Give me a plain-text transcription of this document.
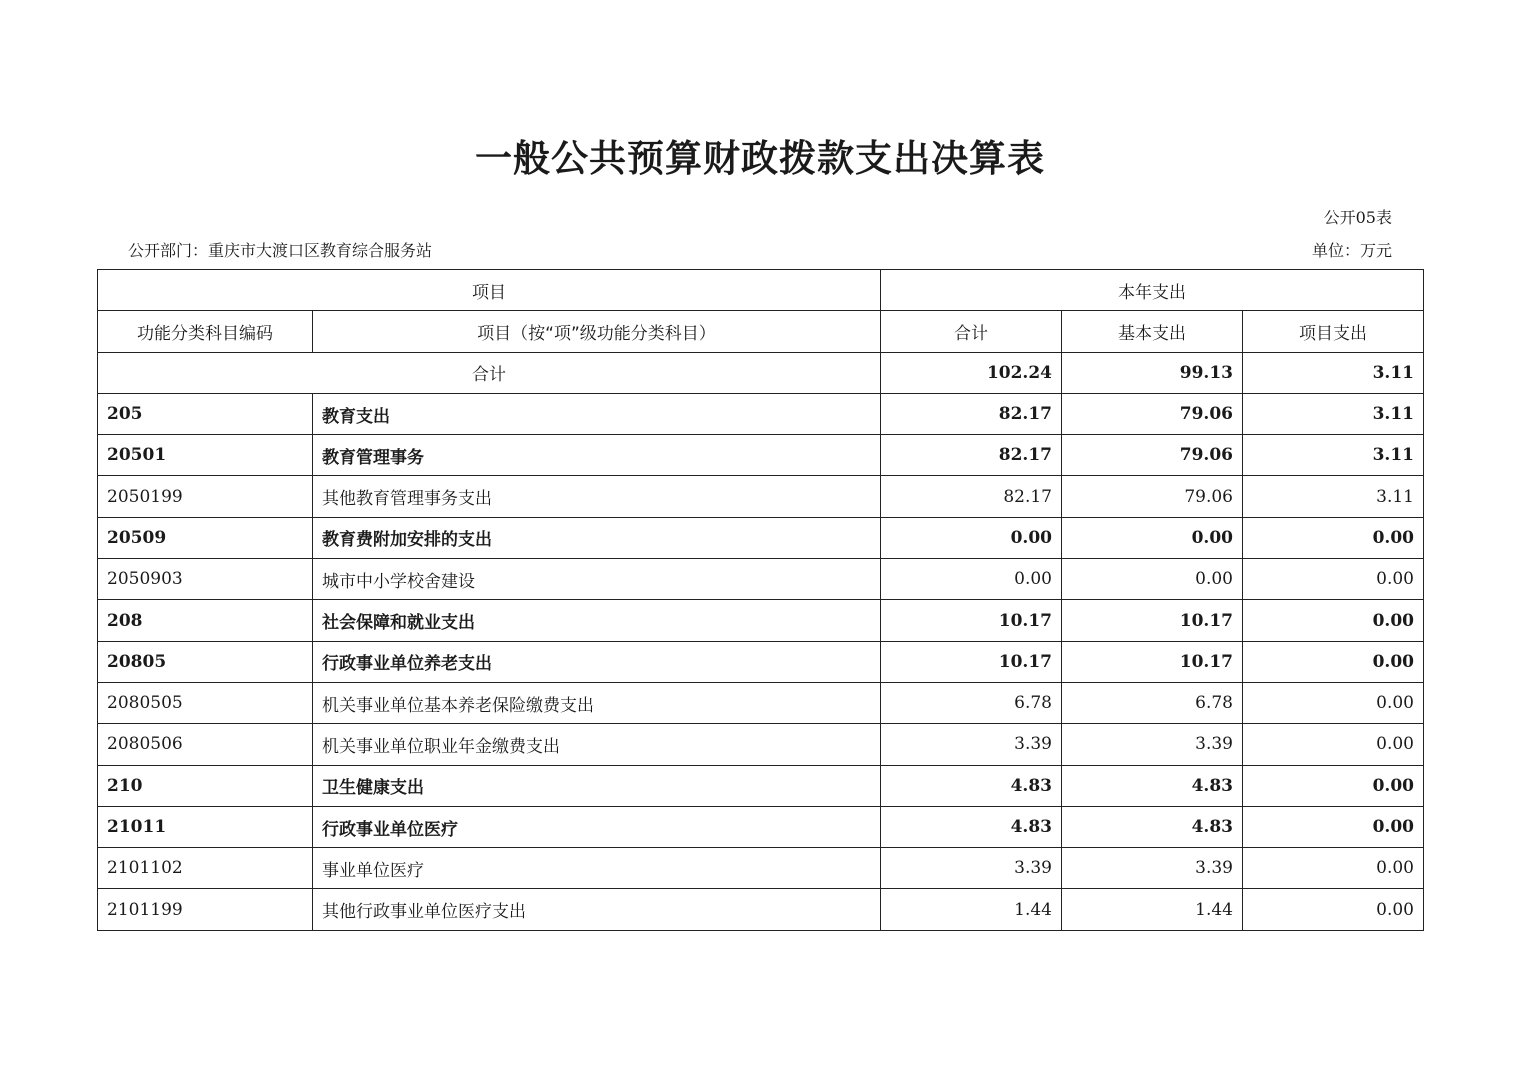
一般公共预算财政拨款支出决算表
公开05表
公开部门：重庆市大渡口区教育综合服务站	单位：万元
项目		本年支出		
功能分类科目编码	项目（按“项”级功能分类科目）	合计	基本支出	项目支出
合计		102.24	99.13	3.11
205	教育支出	82.17	79.06	3.11
20501	教育管理事务	82.17	79.06	3.11
2050199	其他教育管理事务支出	82.17	79.06	3.11
20509	教育费附加安排的支出	0.00	0.00	0.00
2050903	城市中小学校舍建设	0.00	0.00	0.00
208	社会保障和就业支出	10.17	10.17	0.00
20805	行政事业单位养老支出	10.17	10.17	0.00
2080505	机关事业单位基本养老保险缴费支出	6.78	6.78	0.00
2080506	机关事业单位职业年金缴费支出	3.39	3.39	0.00
210	卫生健康支出	4.83	4.83	0.00
21011	行政事业单位医疗	4.83	4.83	0.00
2101102	事业单位医疗	3.39	3.39	0.00
2101199	其他行政事业单位医疗支出	1.44	1.44	0.00
